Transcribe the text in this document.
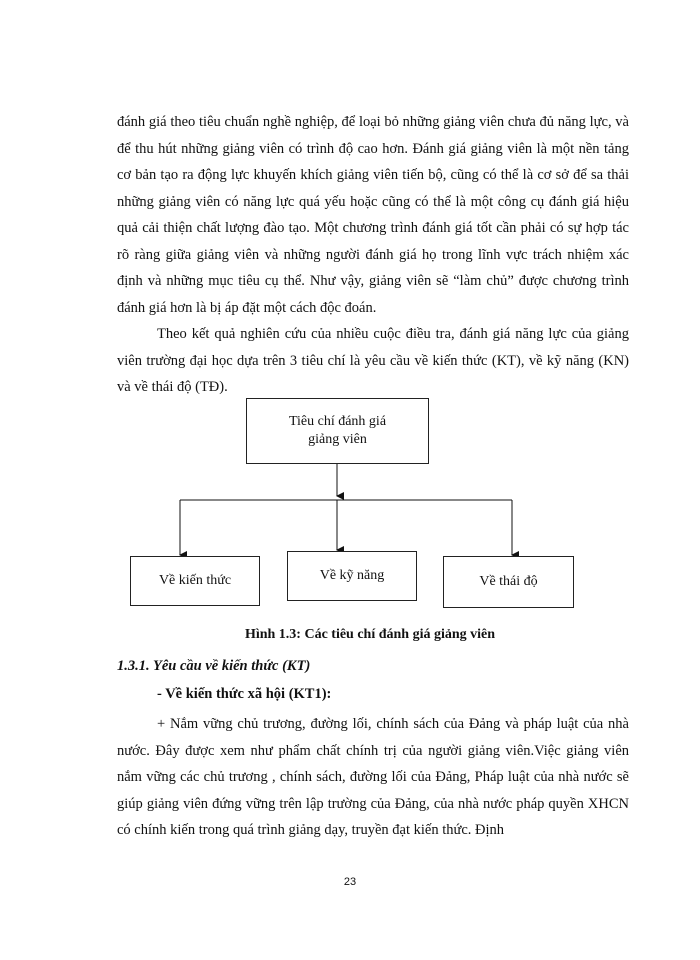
đánh giá theo tiêu chuẩn nghề nghiệp, để loại bỏ những giảng viên chưa đủ năng lực, và để thu hút những giảng viên có trình độ cao hơn. Đánh giá giảng viên là một nền tảng cơ bản tạo ra động lực khuyến khích giảng viên tiến bộ, cũng có thể là cơ sở để sa thải những giảng viên có năng lực quá yếu hoặc cũng có thể là một công cụ đánh giá hiệu quả cải thiện chất lượng đào tạo. Một chương trình đánh giá tốt cần phải có sự hợp tác rõ ràng giữa giảng viên và những người đánh giá họ trong lĩnh vực trách nhiệm xác định và những mục tiêu cụ thể. Như vậy, giảng viên sẽ “làm chủ” được chương trình đánh giá hơn là bị áp đặt một cách độc đoán.

Theo kết quả nghiên cứu của nhiều cuộc điều tra, đánh giá năng lực của giảng viên trường đại học dựa trên 3 tiêu chí là yêu cầu về kiến thức (KT), về kỹ năng (KN) và về thái độ (TĐ).

Tiêu chí đánh giá giảng viên
Về kiến thức	Về kỹ năng	Về thái độ

Hình 1.3: Các tiêu chí đánh giá giảng viên

1.3.1. Yêu cầu về kiến thức (KT)

- Về kiến thức xã hội (KT1):

+ Nắm vững chủ trương, đường lối, chính sách của Đảng và pháp luật của nhà nước. Đây được xem như phẩm chất chính trị của người giảng viên.Việc giảng viên nắm vững các chủ trương , chính sách, đường lối của Đảng, Pháp luật của nhà nước sẽ giúp giảng viên đứng vững trên lập trường của Đảng, của nhà nước pháp quyền XHCN có chính kiến trong quá trình giảng dạy, truyền đạt kiến thức. Định

23
